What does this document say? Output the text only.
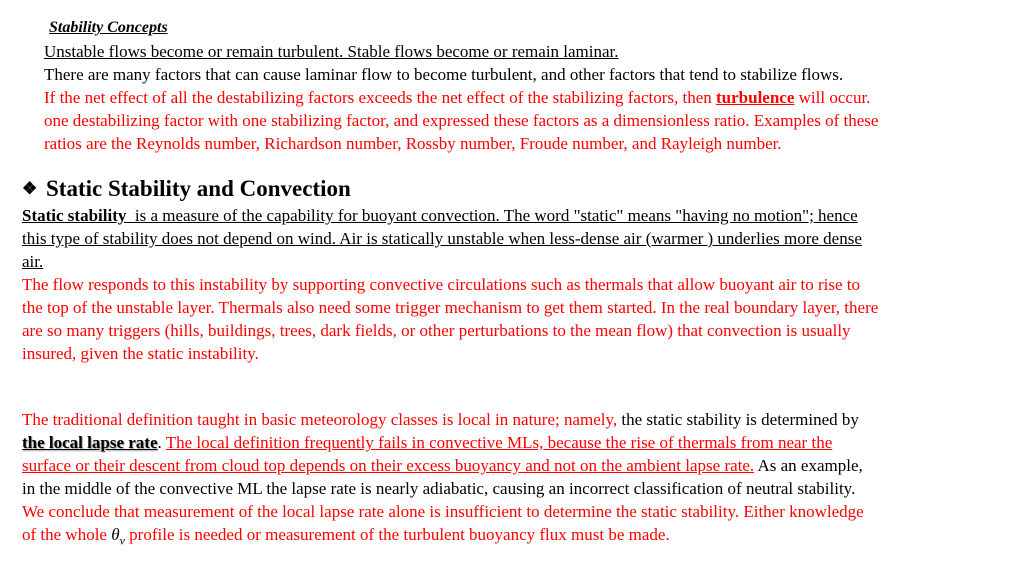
Stability Concepts
Unstable flows become or remain turbulent. Stable flows become or remain laminar.
There are many factors that can cause laminar flow to become turbulent, and other factors that tend to stabilize flows.
If the net effect of all the destabilizing factors exceeds the net effect of the stabilizing factors, then turbulence will occur.
one destabilizing factor with one stabilizing factor, and expressed these factors as a dimensionless ratio. Examples of these
ratios are the Reynolds number, Richardson number, Rossby number, Froude number, and Rayleigh number.
❖ Static Stability and Convection
Static stability  is a measure of the capability for buoyant convection. The word "static" means "having no motion"; hence
this type of stability does not depend on wind. Air is statically unstable when less-dense air (warmer ) underlies more dense
air.
The flow responds to this instability by supporting convective circulations such as thermals that allow buoyant air to rise to
the top of the unstable layer. Thermals also need some trigger mechanism to get them started. In the real boundary layer, there
are so many triggers (hills, buildings, trees, dark fields, or other perturbations to the mean flow) that convection is usually
insured, given the static instability.
The traditional definition taught in basic meteorology classes is local in nature; namely, the static stability is determined by
the local lapse rate. The local definition frequently fails in convective MLs, because the rise of thermals from near the
surface or their descent from cloud top depends on their excess buoyancy and not on the ambient lapse rate. As an example,
in the middle of the convective ML the lapse rate is nearly adiabatic, causing an incorrect classification of neutral stability.
We conclude that measurement of the local lapse rate alone is insufficient to determine the static stability. Either knowledge
of the whole $\theta_v$ profile is needed or measurement of the turbulent buoyancy flux must be made.
